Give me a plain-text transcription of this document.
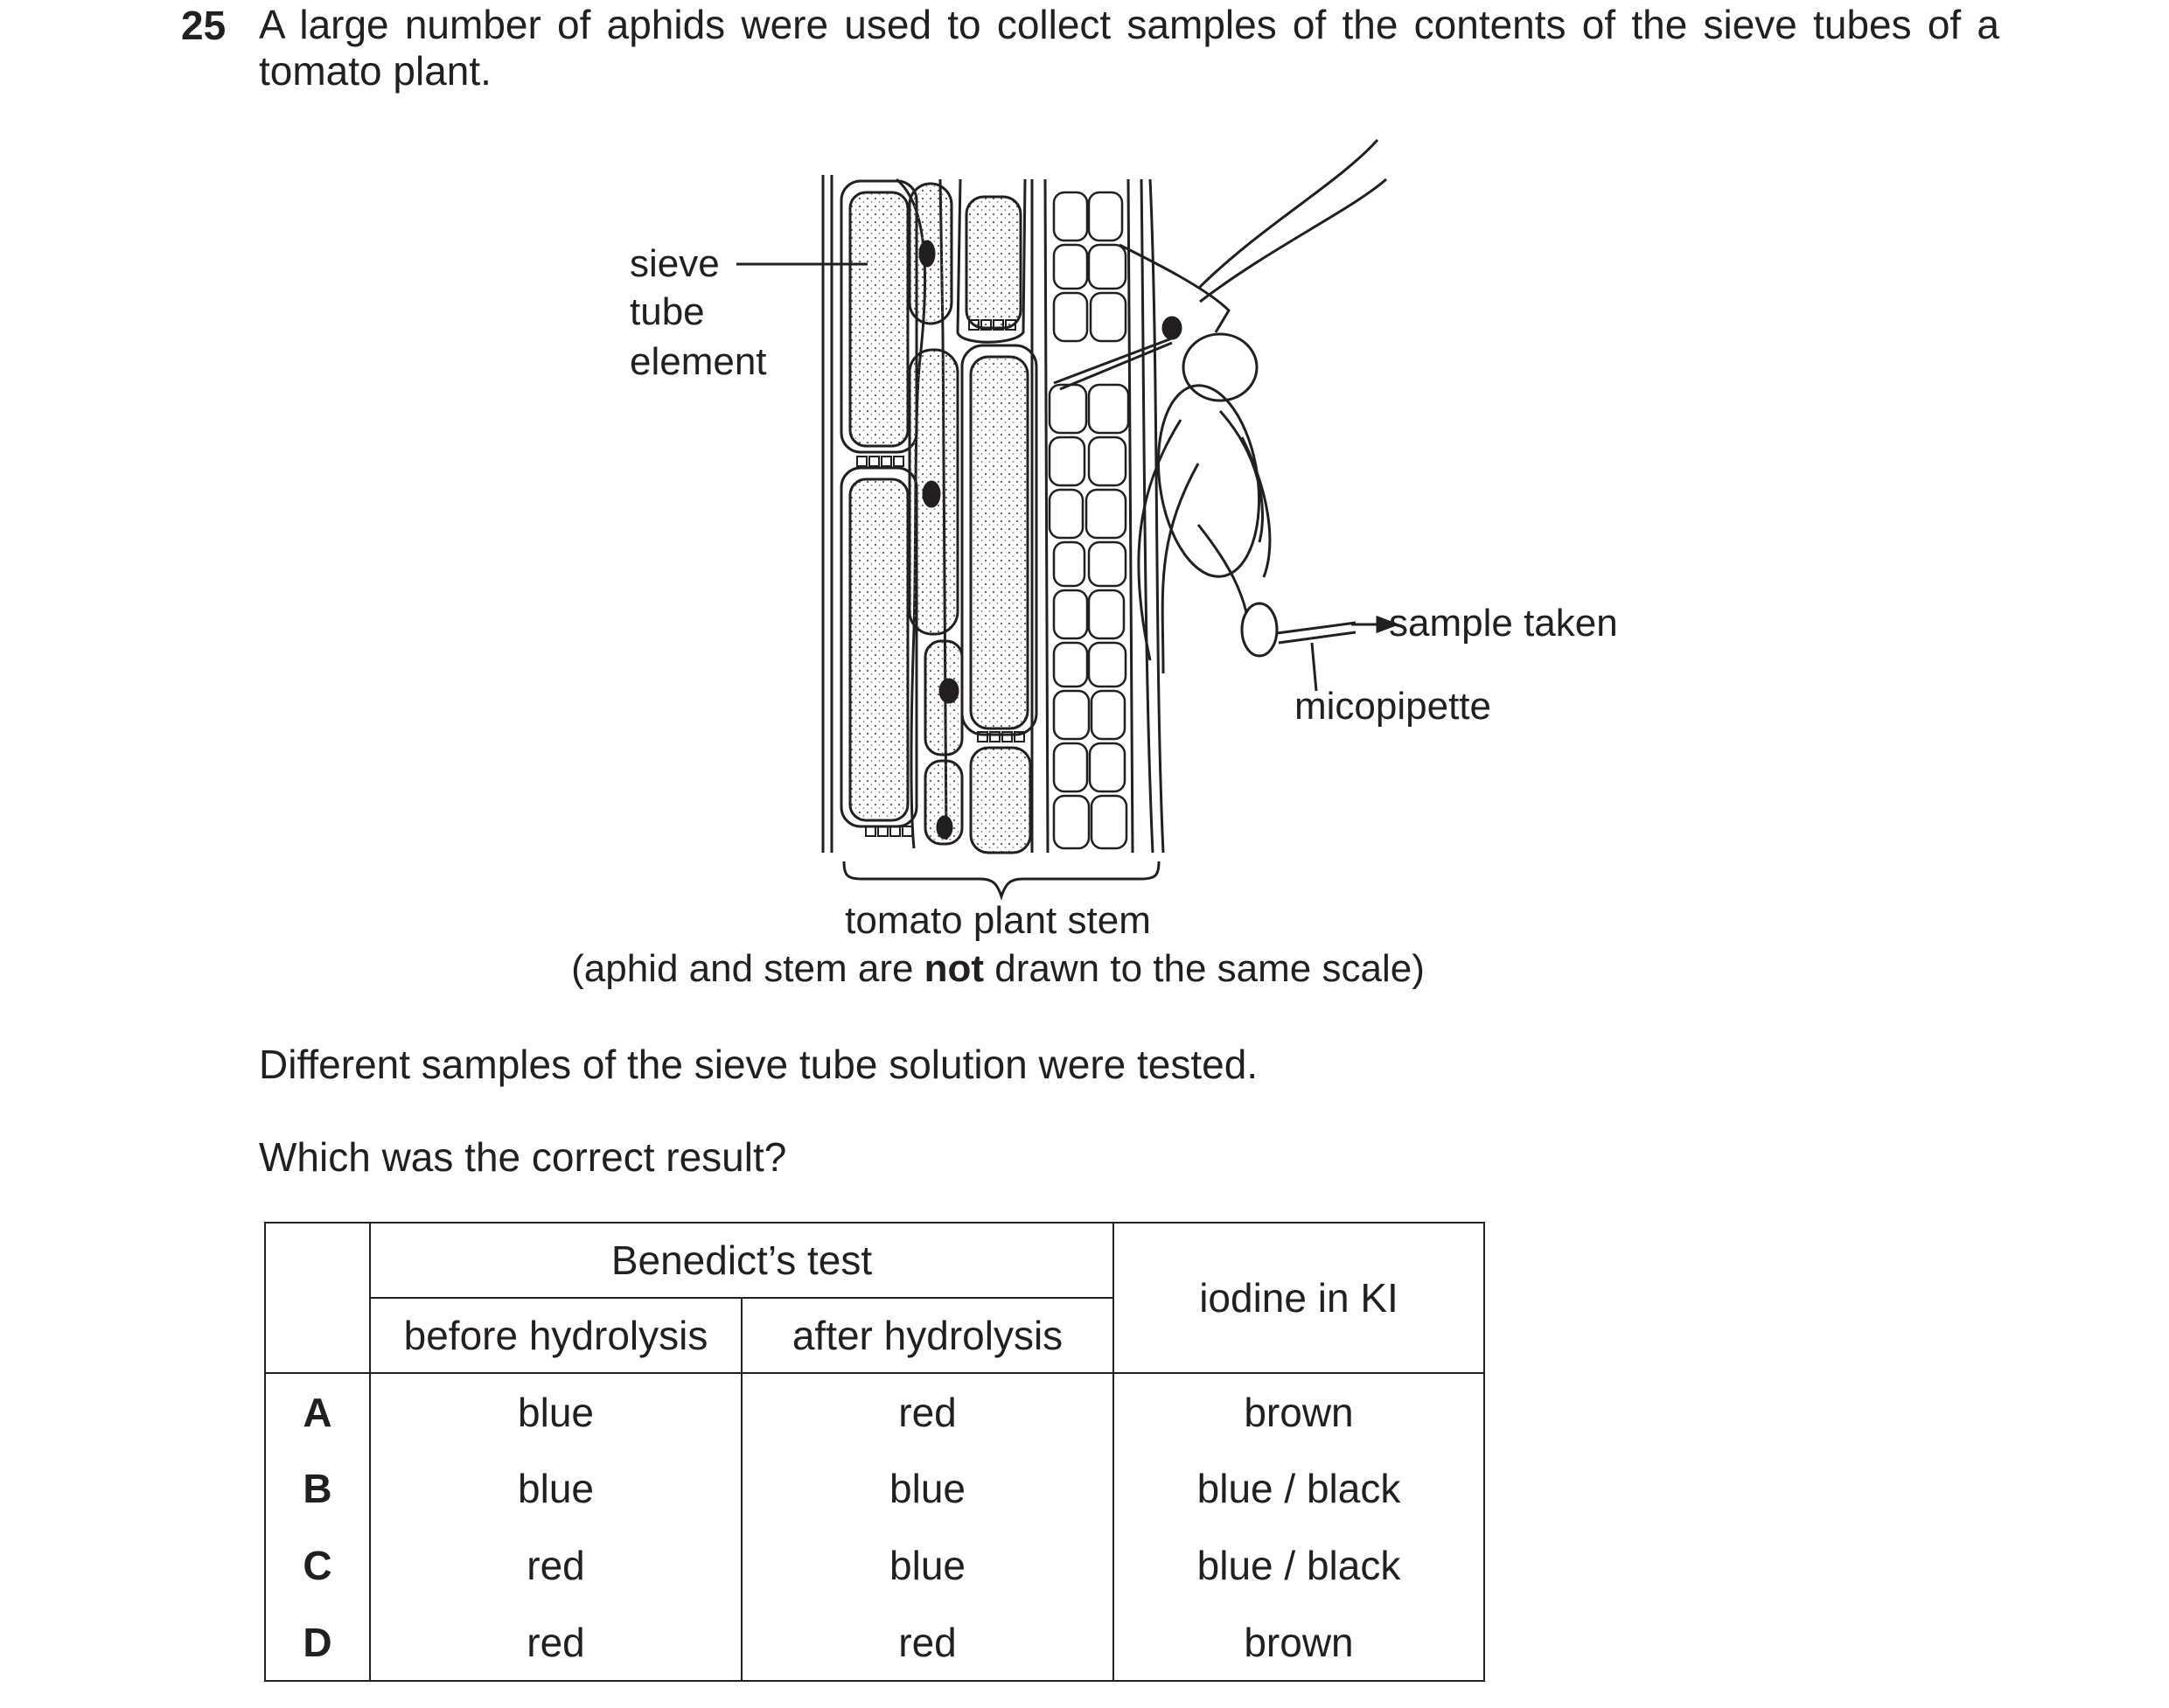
25 A large number of aphids were used to collect samples of the contents of the sieve tubes of a tomato plant.
sieve
tube
element
sample taken
micopipette
tomato plant stem
(aphid and stem are not drawn to the same scale)
Different samples of the sieve tube solution were tested.
Which was the correct result?
	Benedict’s test		iodine in KI
	before hydrolysis	after hydrolysis	
A	blue	red	brown
B	blue	blue	blue / black
C	red	blue	blue / black
D	red	red	brown
